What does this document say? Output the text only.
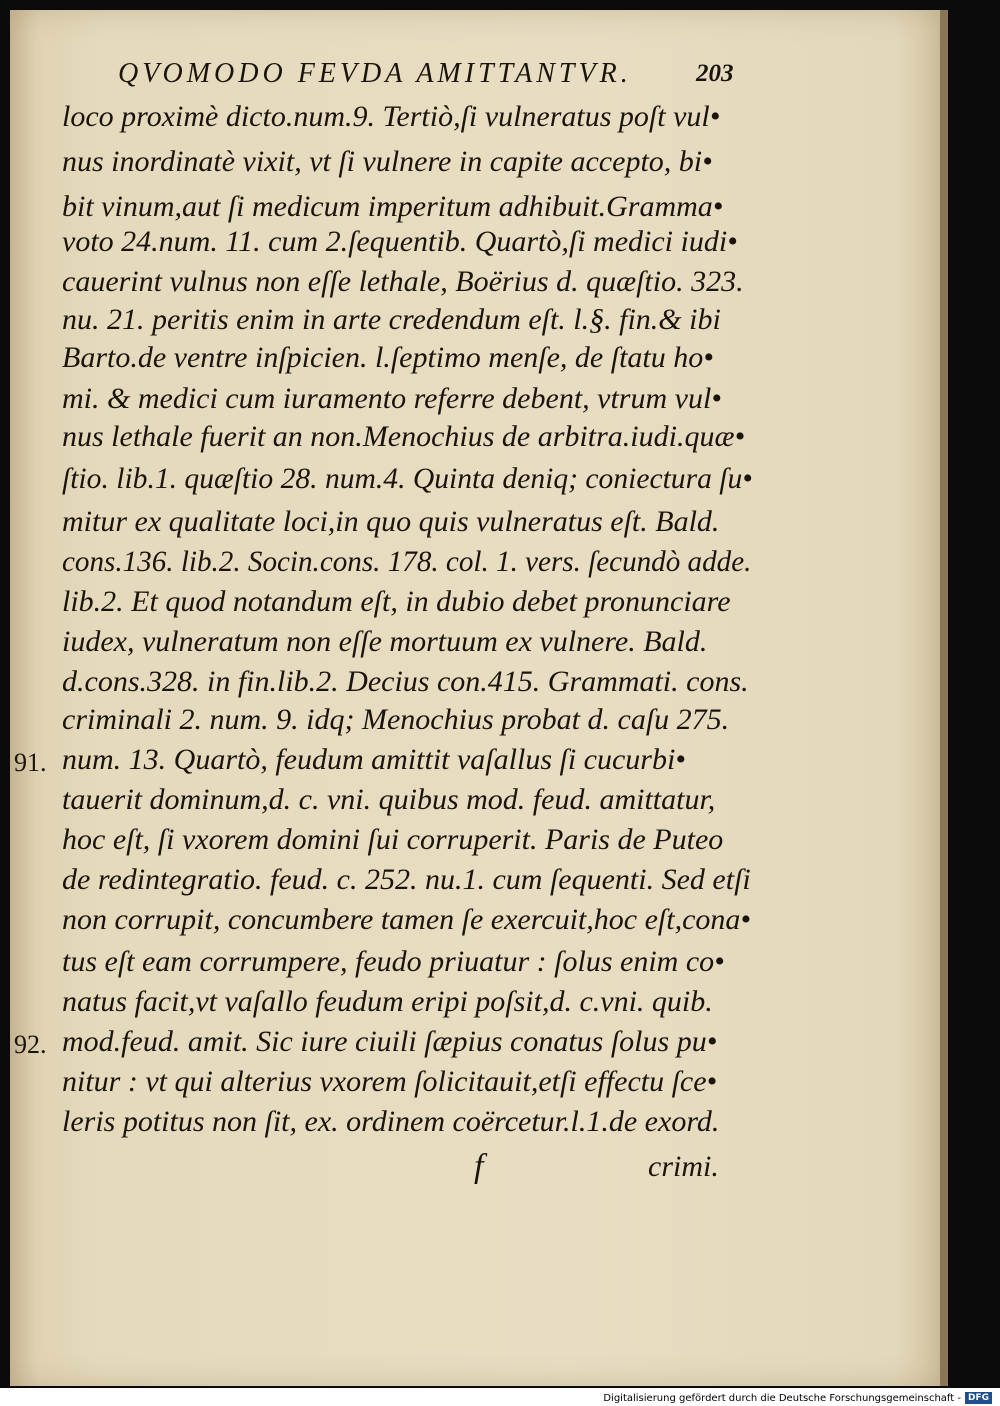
QVOMODO FEVDA AMITTANTVR.	203
loco proximè dicto.num.9. Tertiò,ſi vulneratus poſt vul•
nus inordinatè vixit, vt ſi vulnere in capite accepto, bi•
bit vinum,aut ſi medicum imperitum adhibuit.Gramma•
voto 24.num. 11. cum 2.ſequentib. Quartò,ſi medici iudi•
cauerint vulnus non eſſe lethale, Boërius d. quæſtio. 323.
nu. 21. peritis enim in arte credendum eſt. l.§. fin.& ibi
Barto.de ventre inſpicien. l.ſeptimo menſe, de ſtatu ho•
mi. & medici cum iuramento referre debent, vtrum vul•
nus lethale fuerit an non.Menochius de arbitra.iudi.quæ•
ſtio. lib.1. quæſtio 28. num.4. Quinta deniq; coniectura ſu•
mitur ex qualitate loci,in quo quis vulneratus eſt. Bald.
cons.136. lib.2. Socin.cons. 178. col. 1. vers. ſecundò adde.
lib.2. Et quod notandum eſt, in dubio debet pronunciare
iudex, vulneratum non eſſe mortuum ex vulnere. Bald.
d.cons.328. in fin.lib.2. Decius con.415. Grammati. cons.
criminali 2. num. 9. idq; Menochius probat d. caſu 275.
num. 13. Quartò, feudum amittit vaſallus ſi cucurbi•
tauerit dominum,d. c. vni. quibus mod. feud. amittatur,
hoc eſt, ſi vxorem domini ſui corruperit. Paris de Puteo
de redintegratio. feud. c. 252. nu.1. cum ſequenti. Sed etſi
non corrupit, concumbere tamen ſe exercuit,hoc eſt,cona•
tus eſt eam corrumpere, feudo priuatur : ſolus enim co•
natus facit,vt vaſallo feudum eripi poſsit,d. c.vni. quib.
mod.feud. amit. Sic iure ciuili ſæpius conatus ſolus pu•
nitur : vt qui alterius vxorem ſolicitauit,etſi effectu ſce•
leris potitus non ſit, ex. ordinem coërcetur.l.1.de exord.
91.
92.
f	crimi.
Digitalisierung gefördert durch die Deutsche Forschungsgemeinschaft - DFG
